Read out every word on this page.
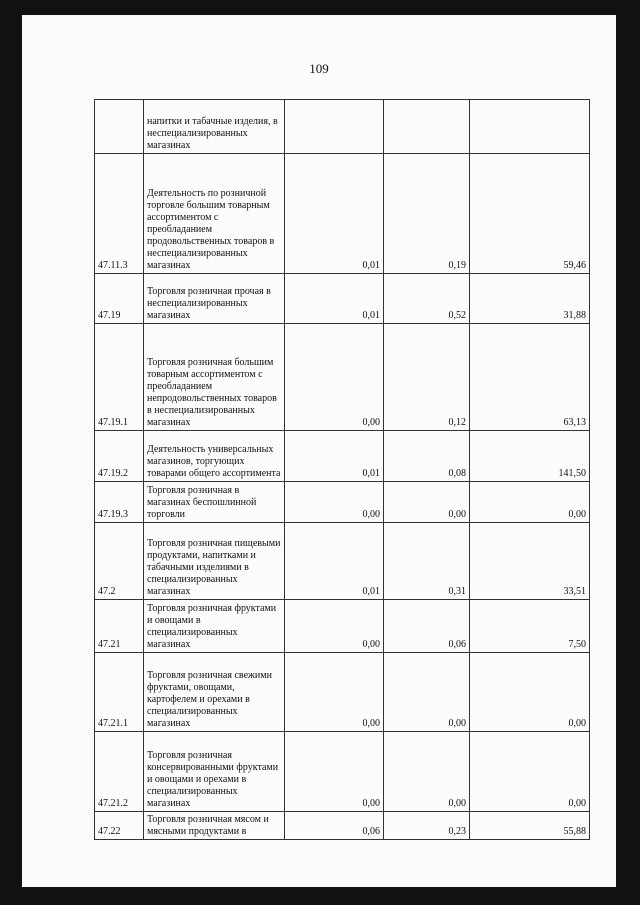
109
	напитки и табачные изделия, в неспециализированных магазинах			
47.11.3	Деятельность по розничной торговле большим товарным ассортиментом с преобладанием продовольственных товаров в неспециализированных магазинах	0,01	0,19	59,46
47.19	Торговля розничная прочая в неспециализированных магазинах	0,01	0,52	31,88
47.19.1	Торговля розничная большим товарным ассортиментом с преобладанием непродовольственных товаров в неспециализированных магазинах	0,00	0,12	63,13
47.19.2	Деятельность универсальных магазинов, торгующих товарами общего ассортимента	0,01	0,08	141,50
47.19.3	Торговля розничная в магазинах беспошлинной торговли	0,00	0,00	0,00
47.2	Торговля розничная пищевыми продуктами, напитками и табачными изделиями в специализированных магазинах	0,01	0,31	33,51
47.21	Торговля розничная фруктами и овощами в специализированных магазинах	0,00	0,06	7,50
47.21.1	Торговля розничная свежими фруктами, овощами, картофелем и орехами в специализированных магазинах	0,00	0,00	0,00
47.21.2	Торговля розничная консервированными фруктами и овощами и орехами в специализированных магазинах	0,00	0,00	0,00
47.22	Торговля розничная мясом и мясными продуктами в	0,06	0,23	55,88
